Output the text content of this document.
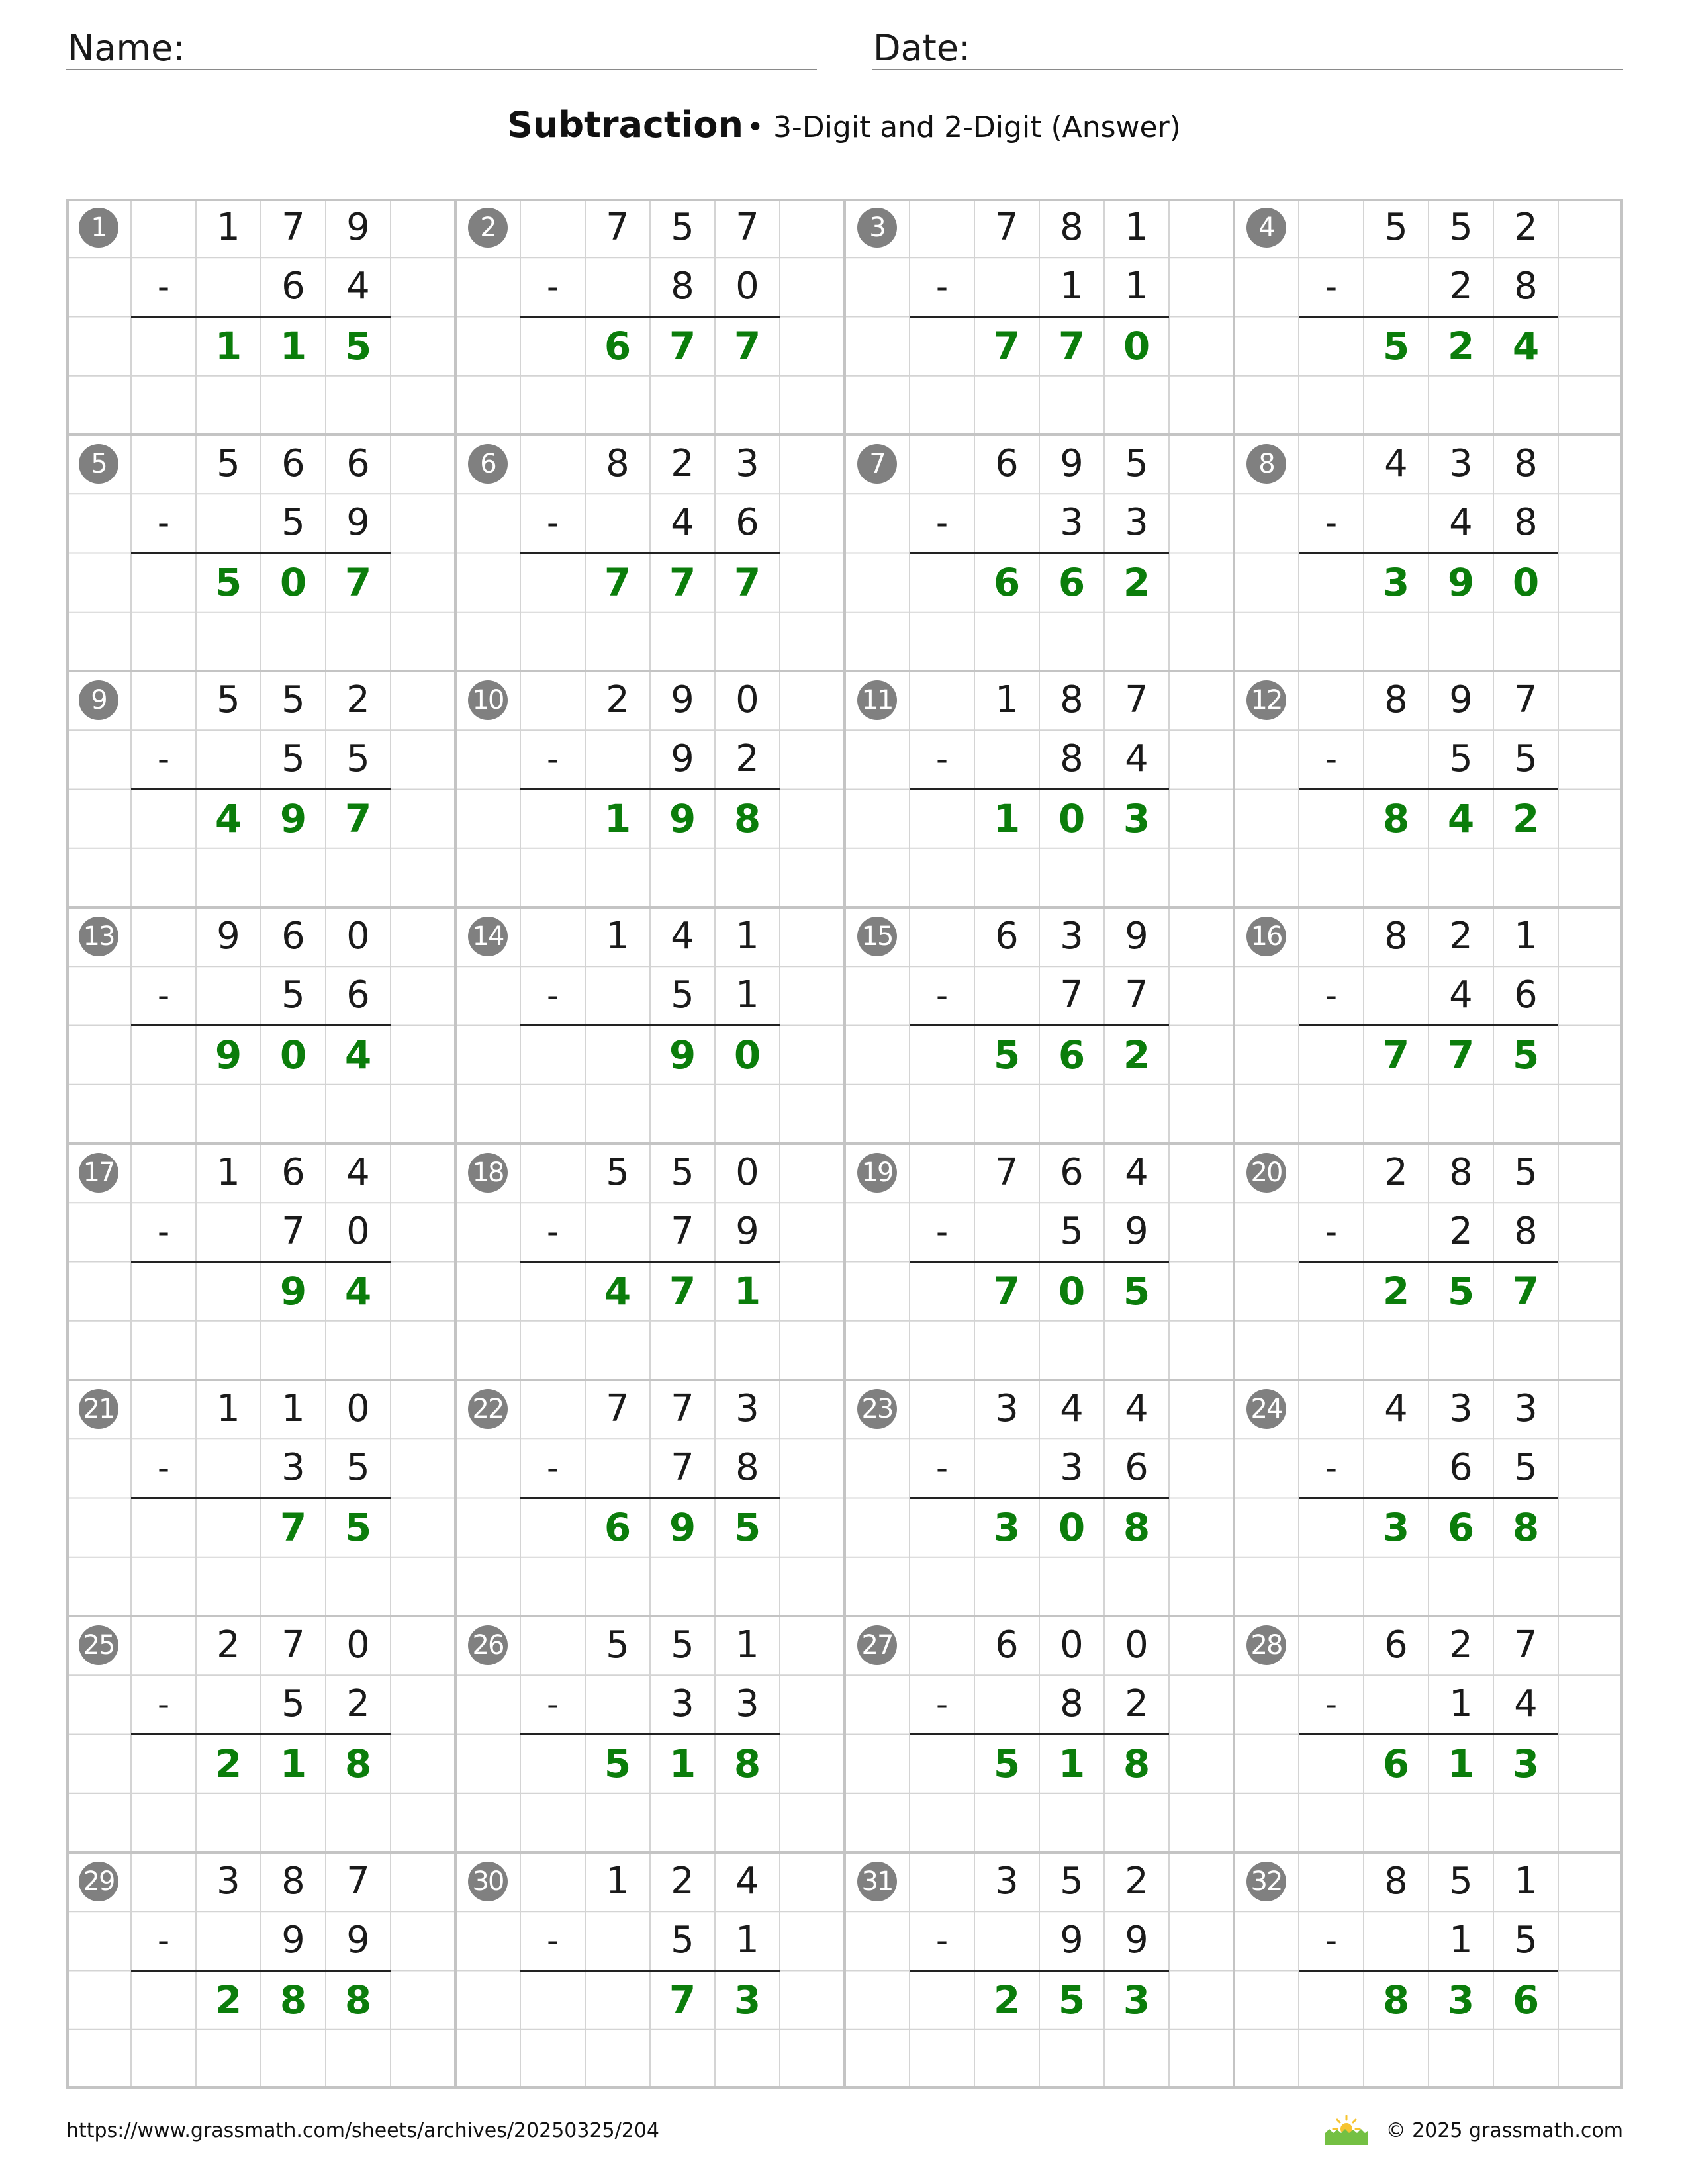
Name:	Date:
Subtraction • 3-Digit and 2-Digit (Answer)
1	1	7	9
-	6	4
1 1 5
2	7	5	7
-	8	0
6 7 7
3	7	8	1
-	1	1
7 7 0
4	5	5	2
-	2	8
5 2 4
5	5	6	6
-	5	9
5 0 7
6	8	2	3
-	4	6
7 7 7
7	6	9	5
-	3	3
6 6 2
8	4	3	8
-	4	8
3 9 0
9	5	5	2
-	5	5
4 9 7
10	2	9	0
-	9	2
1 9 8
11	1	8	7
-	8	4
1 0 3
12	8	9	7
-	5	5
8 4 2
13	9	6	0
-	5	6
9 0 4
14	1	4	1
-	5	1
9 0
15	6	3	9
-	7	7
5 6 2
16	8	2	1
-	4	6
7 7 5
17	1	6	4
-	7	0
9 4
18	5	5	0
-	7	9
4 7 1
19	7	6	4
-	5	9
7 0 5
20	2	8	5
-	2	8
2 5 7
21	1	1	0
-	3	5
7 5
22	7	7	3
-	7	8
6 9 5
23	3	4	4
-	3	6
3 0 8
24	4	3	3
-	6	5
3 6 8
25	2	7	0
-	5	2
2 1 8
26	5	5	1
-	3	3
5 1 8
27	6	0	0
-	8	2
5 1 8
28	6	2	7
-	1	4
6 1 3
29	3	8	7
-	9	9
2 8 8
30	1	2	4
-	5	1
7 3
31	3	5	2
-	9	9
2 5 3
32	8	5	1
-	1	5
8 3 6
https://www.grassmath.com/sheets/archives/20250325/204	© 2025 grassmath.com
